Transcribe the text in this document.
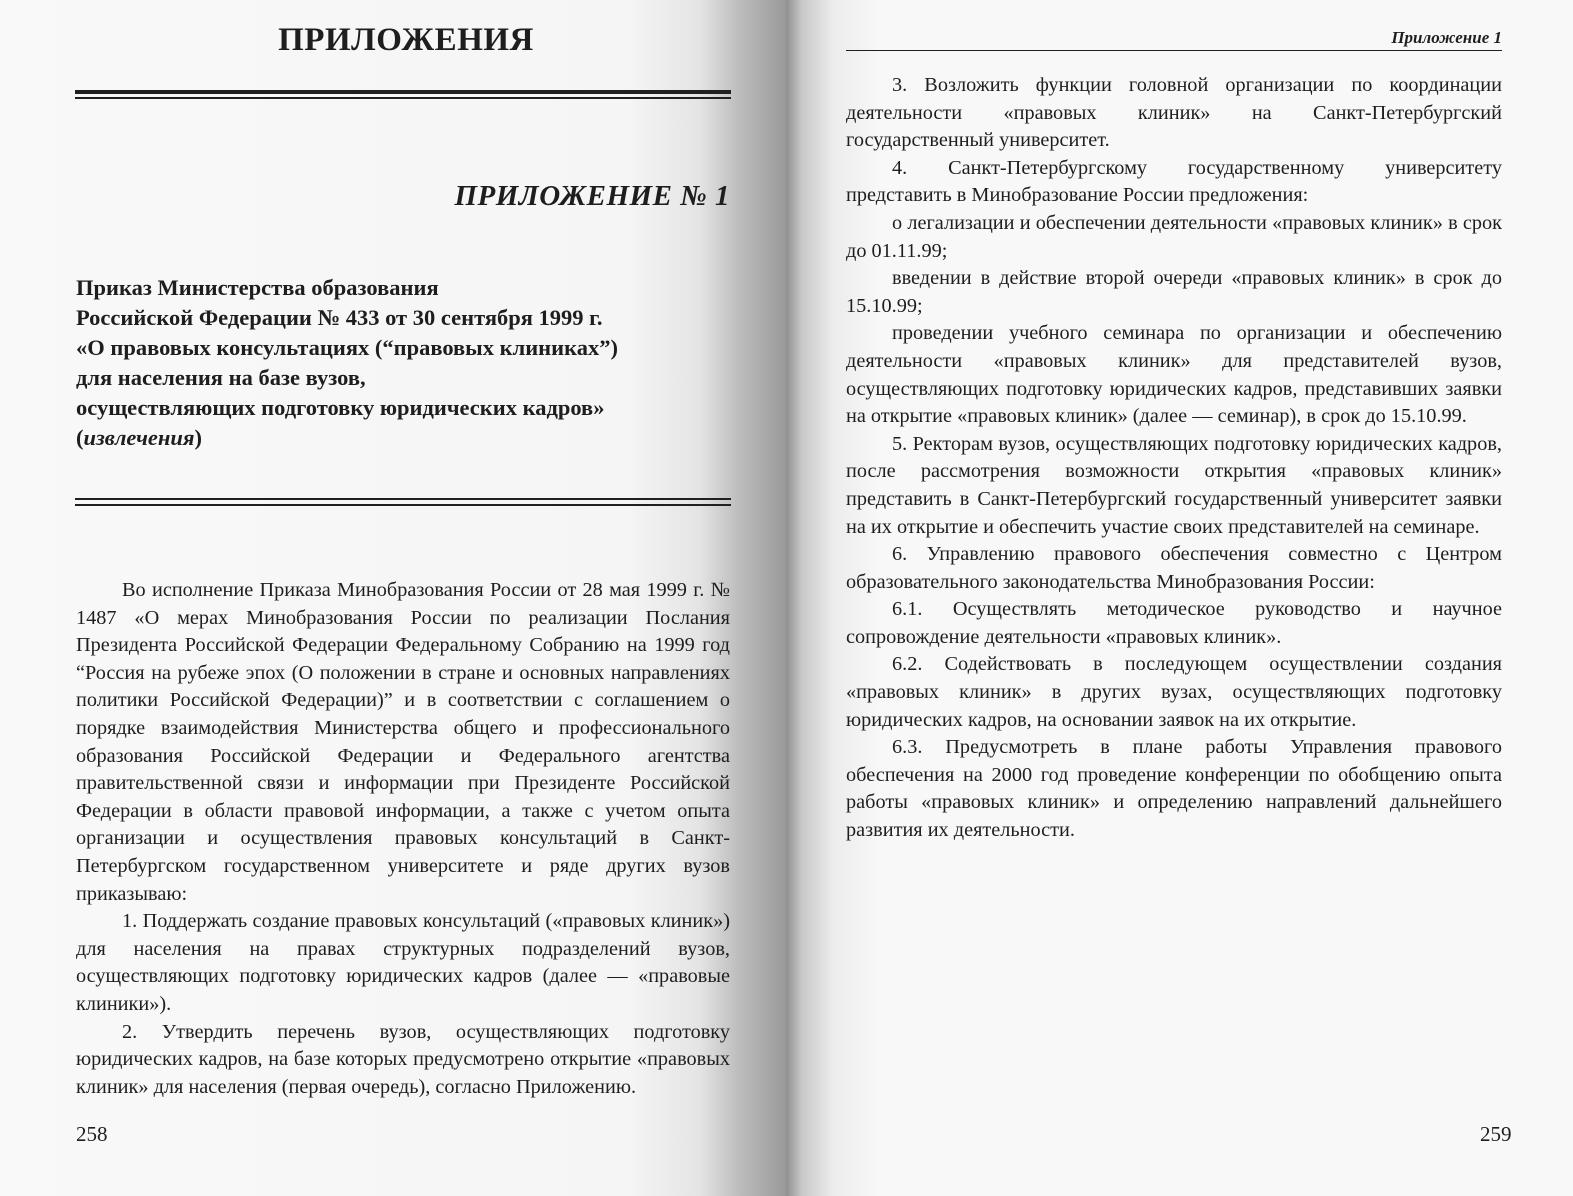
ПРИЛОЖЕНИЯ
ПРИЛОЖЕНИЕ № 1
Приказ Министерства образования
Российской Федерации № 433 от 30 сентября 1999 г.
«О правовых консультациях (“правовых клиниках”)
для населения на базе вузов,
осуществляющих подготовку юридических кадров»
(извлечения)

Во исполнение Приказа Минобразования России от 28 мая 1999 г. № 1487 «О мерах Минобразования России по реализации Послания Президента Российской Федерации Федеральному Собранию на 1999 год “Россия на рубеже эпох (О положении в стране и основных направлениях политики Российской Федерации)” и в соответствии с соглашением о порядке взаимодействия Министерства общего и профессионального образования Российской Федерации и Федерального агентства правительственной связи и информации при Президенте Российской Федерации в области правовой информации, а также с учетом опыта организации и осуществления правовых консультаций в Санкт-Петербургском государственном университете и ряде других вузов приказываю:

1. Поддержать создание правовых консультаций («правовых клиник») для населения на правах структурных подразделений вузов, осуществляющих подготовку юридических кадров (далее — «правовые клиники»).

2. Утвердить перечень вузов, осуществляющих подготовку юридических кадров, на базе которых предусмотрено открытие «правовых клиник» для населения (первая очередь), согласно Приложению.

258
Приложение 1

3. Возложить функции головной организации по координации деятельности «правовых клиник» на Санкт-Петербургский государственный университет.

4. Санкт-Петербургскому государственному университету представить в Минобразование России предложения:

о легализации и обеспечении деятельности «правовых клиник» в срок до 01.11.99;

введении в действие второй очереди «правовых клиник» в срок до 15.10.99;

проведении учебного семинара по организации и обеспечению деятельности «правовых клиник» для представителей вузов, осуществляющих подготовку юридических кадров, представивших заявки на открытие «правовых клиник» (далее — семинар), в срок до 15.10.99.

5. Ректорам вузов, осуществляющих подготовку юридических кадров, после рассмотрения возможности открытия «правовых клиник» представить в Санкт-Петербургский государственный университет заявки на их открытие и обеспечить участие своих представителей на семинаре.

6. Управлению правового обеспечения совместно с Центром образовательного законодательства Минобразования России:

6.1. Осуществлять методическое руководство и научное сопровождение деятельности «правовых клиник».

6.2. Содействовать в последующем осуществлении создания «правовых клиник» в других вузах, осуществляющих подготовку юридических кадров, на основании заявок на их открытие.

6.3. Предусмотреть в плане работы Управления правового обеспечения на 2000 год проведение конференции по обобщению опыта работы «правовых клиник» и определению направлений дальнейшего развития их деятельности.

259
